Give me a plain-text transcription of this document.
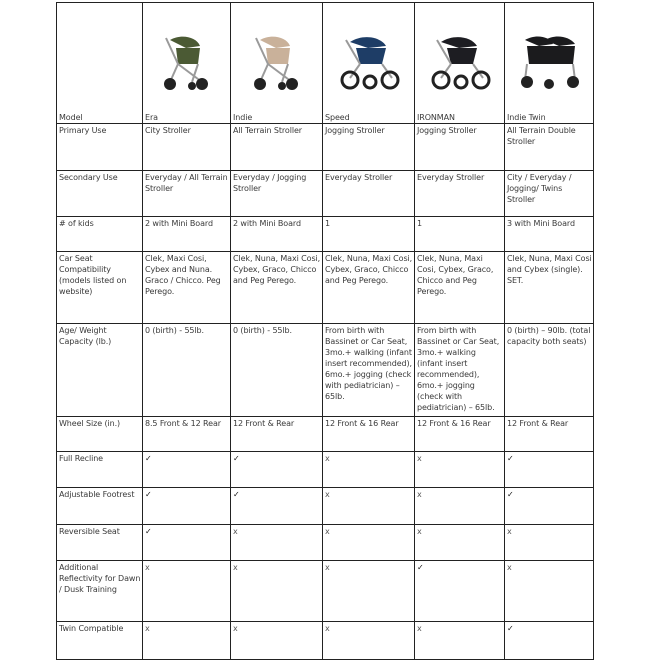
Model	Era	Indie	Speed	IRONMAN	Indie Twin
Primary Use	City Stroller	All Terrain Stroller	Jogging Stroller	Jogging Stroller	All Terrain Double Stroller
Secondary Use	Everyday / All Terrain Stroller	Everyday / Jogging Stroller	Everyday Stroller	Everyday Stroller	City / Everyday / Jogging/ Twins Stroller
# of kids	2 with Mini Board	2 with Mini Board	1	1	3 with Mini Board
Car Seat Compatibility (models listed on website)	Clek, Maxi Cosi, Cybex and Nuna. Graco / Chicco. Peg Perego.	Clek, Nuna, Maxi Cosi, Cybex, Graco, Chicco and Peg Perego.	Clek, Nuna, Maxi Cosi, Cybex, Graco, Chicco and Peg Perego.	Clek, Nuna, Maxi Cosi, Cybex, Graco, Chicco and Peg Perego.	Clek, Nuna, Maxi Cosi and Cybex (single). SET.
Age/ Weight Capacity (lb.)	0 (birth) - 55lb.	0 (birth) - 55lb.	From birth with Bassinet or Car Seat, 3mo.+ walking (infant insert recommended), 6mo.+ jogging (check with pediatrician) – 65lb.	From birth with Bassinet or Car Seat, 3mo.+ walking (infant insert recommended), 6mo.+ jogging (check with pediatrician) – 65lb.	0 (birth) – 90lb. (total capacity both seats)
Wheel Size (in.)	8.5 Front & 12 Rear	12 Front & Rear	12 Front & 16 Rear	12 Front & 16 Rear	12 Front & Rear
Full Recline	✓	✓	x	x	✓
Adjustable Footrest	✓	✓	x	x	✓
Reversible Seat	✓	x	x	x	x
Additional Reflectivity for Dawn / Dusk Training	x	x	x	✓	x
Twin Compatible	x	x	x	x	✓
